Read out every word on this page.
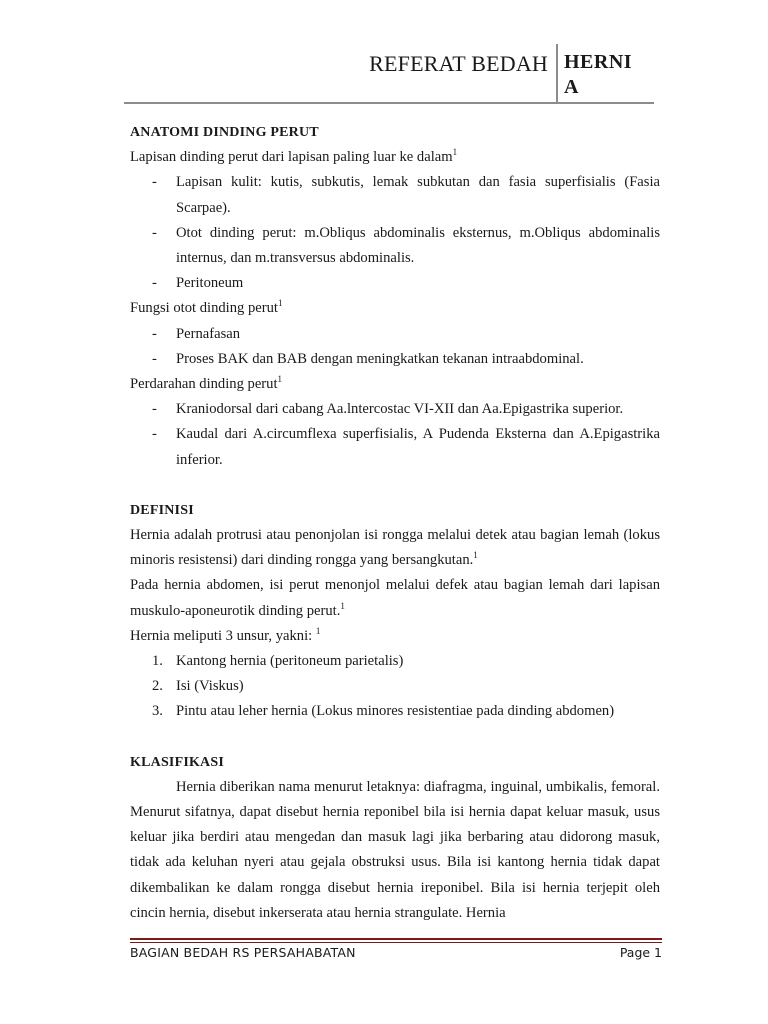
REFERAT BEDAH HERNIA

ANATOMI DINDING PERUT

Lapisan dinding perut dari lapisan paling luar ke dalam$^1$

- Lapisan kulit: kutis, subkutis, lemak subkutan dan fasia superfisialis (Fasia Scarpae).
- Otot dinding perut: m.Obliqus abdominalis eksternus, m.Obliqus abdominalis internus, dan m.transversus abdominalis.
- Peritoneum

Fungsi otot dinding perut$^1$

- Pernafasan
- Proses BAK dan BAB dengan meningkatkan tekanan intraabdominal.

Perdarahan dinding perut$^1$

- Kraniodorsal dari cabang Aa.lntercostac VI-XII dan Aa.Epigastrika superior.
- Kaudal dari A.circumflexa superfisialis, A Pudenda Eksterna dan A.Epigastrika inferior.

DEFINISI

Hernia adalah protrusi atau penonjolan isi rongga melalui detek atau bagian lemah (lokus minoris resistensi) dari dinding rongga yang bersangkutan.$^1$

Pada hernia abdomen, isi perut menonjol melalui defek atau bagian lemah dari lapisan muskulo-aponeurotik dinding perut.$^1$

Hernia meliputi 3 unsur, yakni: $^1$

1. Kantong hernia (peritoneum parietalis)
2. Isi (Viskus)
3. Pintu atau leher hernia (Lokus minores resistentiae pada dinding abdomen)

KLASIFIKASI

Hernia diberikan nama menurut letaknya: diafragma, inguinal, umbikalis, femoral. Menurut sifatnya, dapat disebut hernia reponibel bila isi hernia dapat keluar masuk, usus keluar jika berdiri atau mengedan dan masuk lagi jika berbaring atau didorong masuk, tidak ada keluhan nyeri atau gejala obstruksi usus. Bila isi kantong hernia tidak dapat dikembalikan ke dalam rongga disebut hernia ireponibel. Bila isi hernia terjepit oleh cincin hernia, disebut inkerserata atau hernia strangulate. Hernia

BAGIAN BEDAH RS PERSAHABATAN	Page 1
